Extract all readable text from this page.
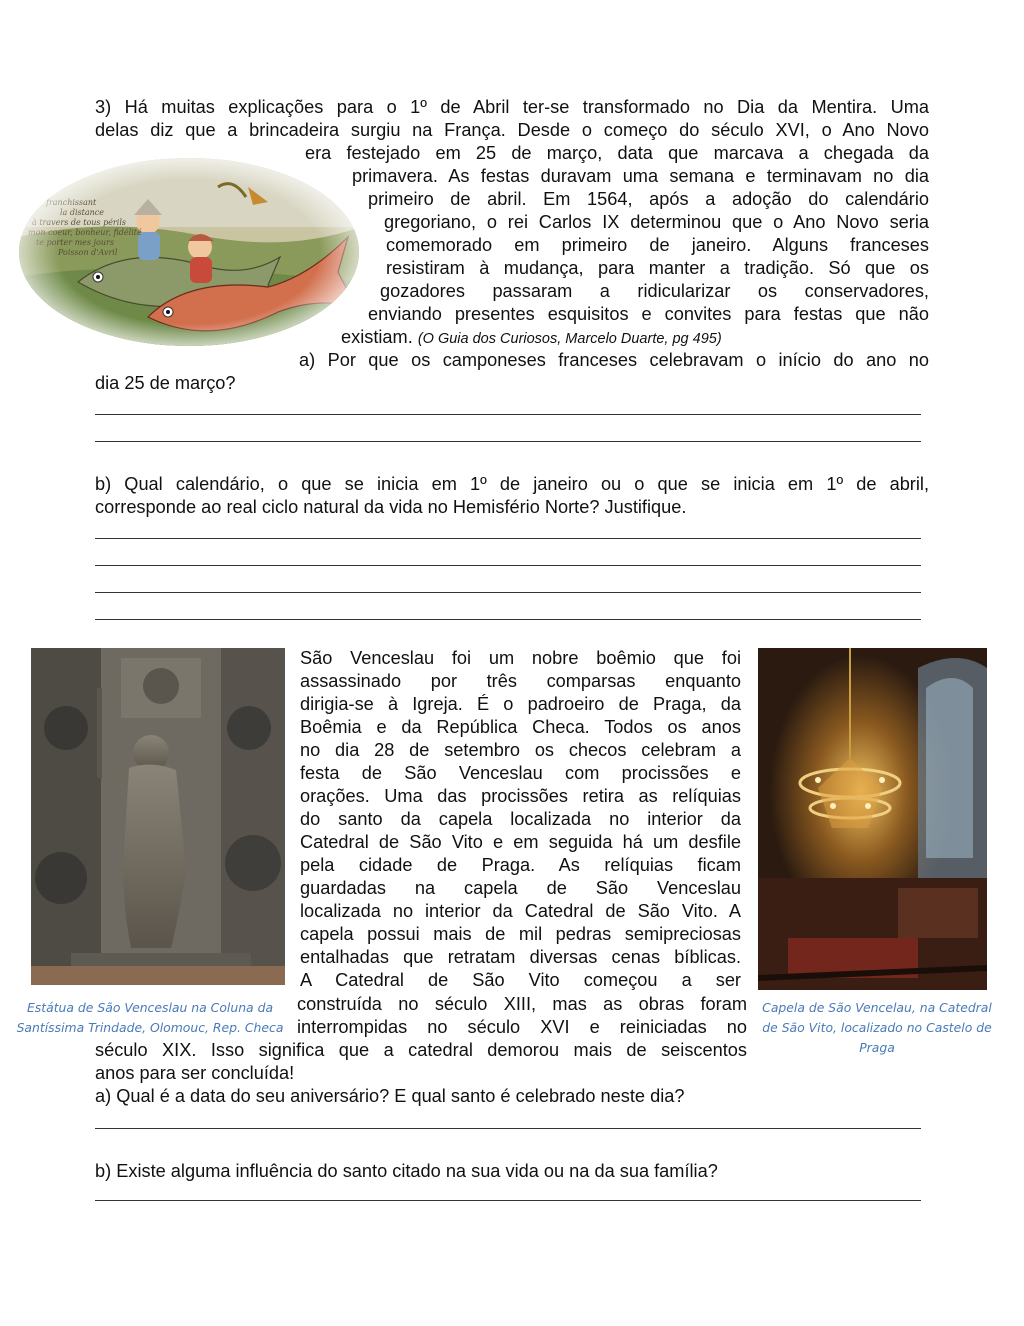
3) Há muitas explicações para o 1º de Abril ter-se transformado no Dia da Mentira. Uma
delas diz que a brincadeira surgiu na França. Desde o começo do século XVI, o Ano Novo
era festejado em 25 de março, data que marcava a chegada da
primavera. As festas duravam uma semana e terminavam no dia
primeiro de abril. Em 1564, após a adoção do calendário
gregoriano, o rei Carlos IX determinou que o Ano Novo seria
comemorado em primeiro de janeiro. Alguns franceses
resistiram à mudança, para manter a tradição. Só que os
gozadores passaram a ridicularizar os conservadores,
enviando presentes esquisitos e convites para festas que não
existiam. (O Guia dos Curiosos, Marcelo Duarte, pg 495)
a) Por que os camponeses franceses celebravam o início do ano no
dia 25 de março?
b) Qual calendário, o que se inicia em 1º de janeiro ou o que se inicia em 1º de abril,
corresponde ao real ciclo natural da vida no Hemisfério Norte? Justifique.
Estátua de São Venceslau na Coluna da
Santíssima Trindade, Olomouc, Rep. Checa
Capela de São Vencelau, na Catedral
de São Vito, localizado no Castelo de
Praga
São Venceslau foi um nobre boêmio que foi
assassinado por três comparsas enquanto
dirigia-se à Igreja. É o padroeiro de Praga, da
Boêmia e da República Checa. Todos os anos
no dia 28 de setembro os checos celebram a
festa de São Venceslau com procissões e
orações. Uma das procissões retira as relíquias
do santo da capela localizada no interior da
Catedral de São Vito e em seguida há um desfile
pela cidade de Praga. As relíquias ficam
guardadas na capela de São Venceslau
localizada no interior da Catedral de São Vito. A
capela possui mais de mil pedras semipreciosas
entalhadas que retratam diversas cenas bíblicas.
A Catedral de São Vito começou a ser
construída no século XIII, mas as obras foram
interrompidas no século XVI e reiniciadas no
século XIX. Isso significa que a catedral demorou mais de seiscentos
anos para ser concluída!
a) Qual é a data do seu aniversário? E qual santo é celebrado neste dia?
b) Existe alguma influência do santo citado na sua vida ou na da sua família?
